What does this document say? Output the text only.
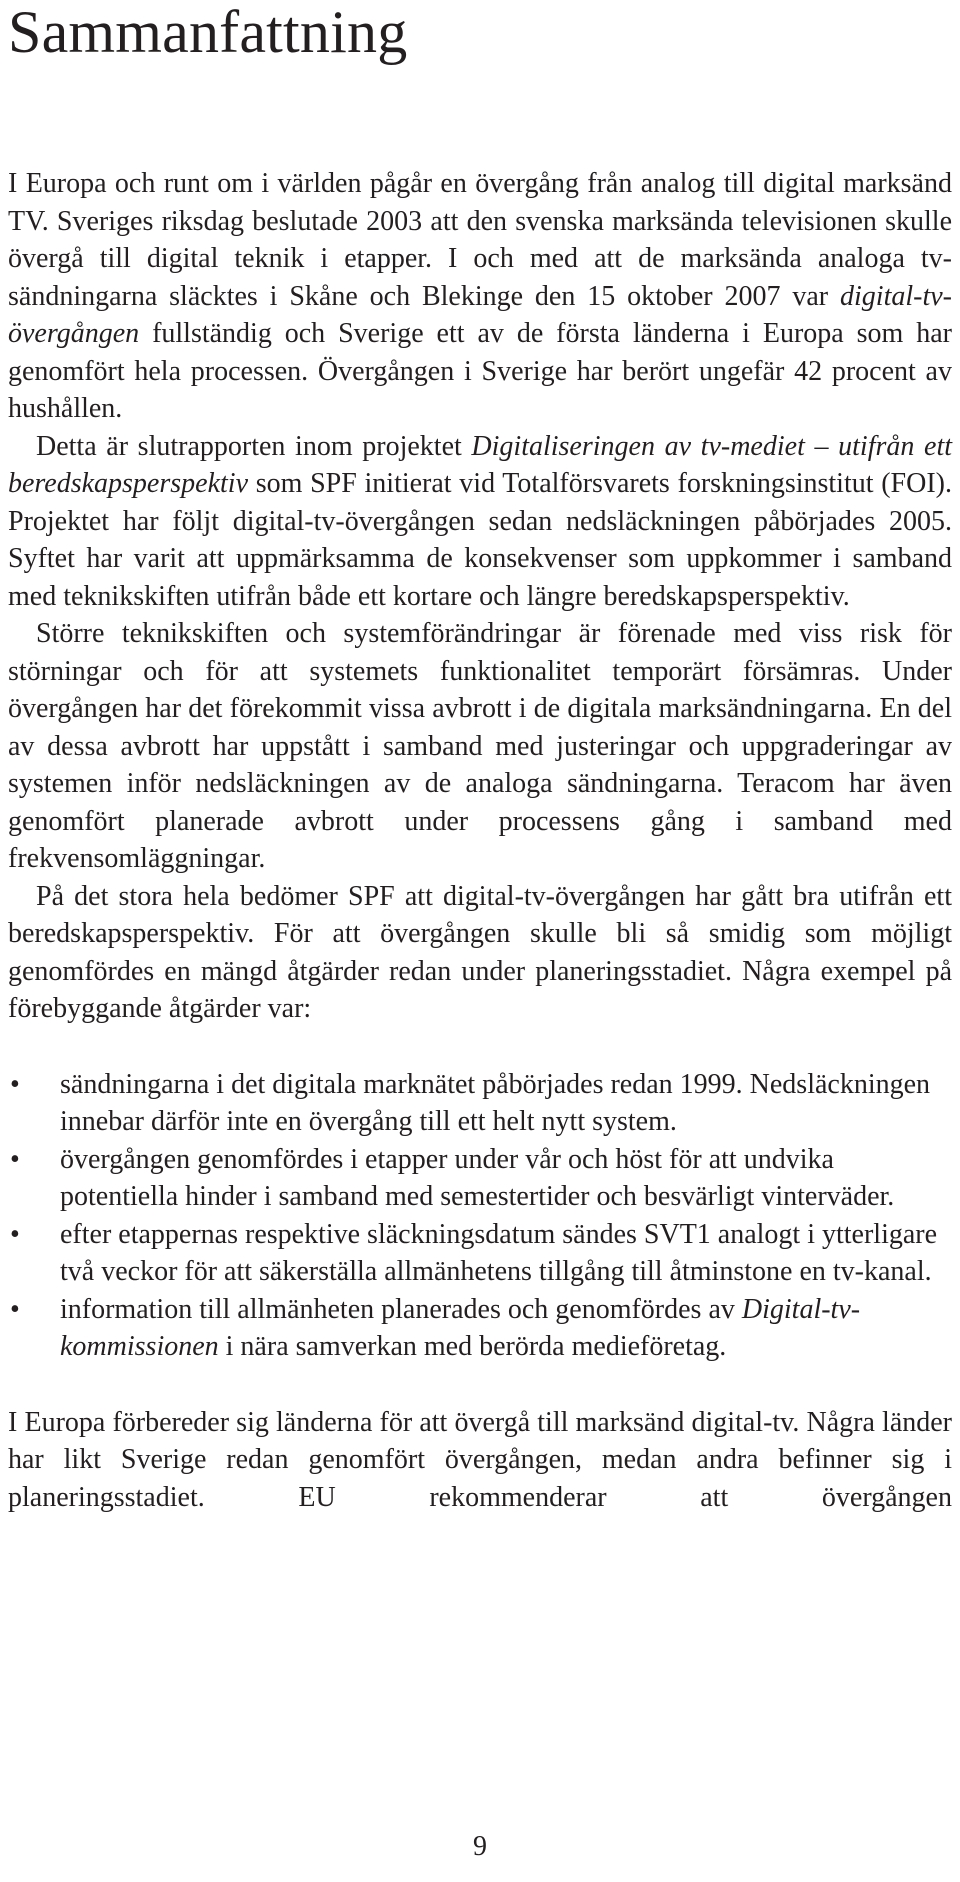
Sammanfattning

I Europa och runt om i världen pågår en övergång från analog till digital marksänd TV. Sveriges riksdag beslutade 2003 att den svenska marksända televisionen skulle övergå till digital teknik i etapper. I och med att de marksända analoga tv-sändningarna släcktes i Skåne och Blekinge den 15 oktober 2007 var digital-tv-övergången fullständig och Sverige ett av de första länderna i Europa som har genomfört hela processen. Övergången i Sverige har berört ungefär 42 procent av hushållen.

Detta är slutrapporten inom projektet Digitaliseringen av tv-mediet – utifrån ett beredskapsperspektiv som SPF initierat vid Totalförsvarets forskningsinstitut (FOI). Projektet har följt digital-tv-övergången sedan nedsläckningen påbörjades 2005. Syftet har varit att uppmärksamma de konsekvenser som uppkommer i samband med teknikskiften utifrån både ett kortare och längre beredskapsperspektiv.

Större teknikskiften och systemförändringar är förenade med viss risk för störningar och för att systemets funktionalitet temporärt försämras. Under övergången har det förekommit vissa avbrott i de digitala marksändningarna. En del av dessa avbrott har uppstått i samband med justeringar och uppgraderingar av systemen inför nedsläckningen av de analoga sändningarna. Teracom har även genomfört planerade avbrott under processens gång i samband med frekvensomläggningar.

På det stora hela bedömer SPF att digital-tv-övergången har gått bra utifrån ett beredskapsperspektiv. För att övergången skulle bli så smidig som möjligt genomfördes en mängd åtgärder redan under planeringsstadiet. Några exempel på förebyggande åtgärder var:

•	sändningarna i det digitala marknätet påbörjades redan 1999. Nedsläckningen innebar därför inte en övergång till ett helt nytt system.
•	övergången genomfördes i etapper under vår och höst för att undvika potentiella hinder i samband med semestertider och besvärligt vinterväder.
•	efter etappernas respektive släckningsdatum sändes SVT1 analogt i ytterligare två veckor för att säkerställa allmänhetens tillgång till åtminstone en tv-kanal.
•	information till allmänheten planerades och genomfördes av Digital-tv-kommissionen i nära samverkan med berörda medieföretag.

I Europa förbereder sig länderna för att övergå till marksänd digital-tv. Några länder har likt Sverige redan genomfört övergången, medan andra befinner sig i planeringsstadiet. EU rekommenderar att övergången

9
